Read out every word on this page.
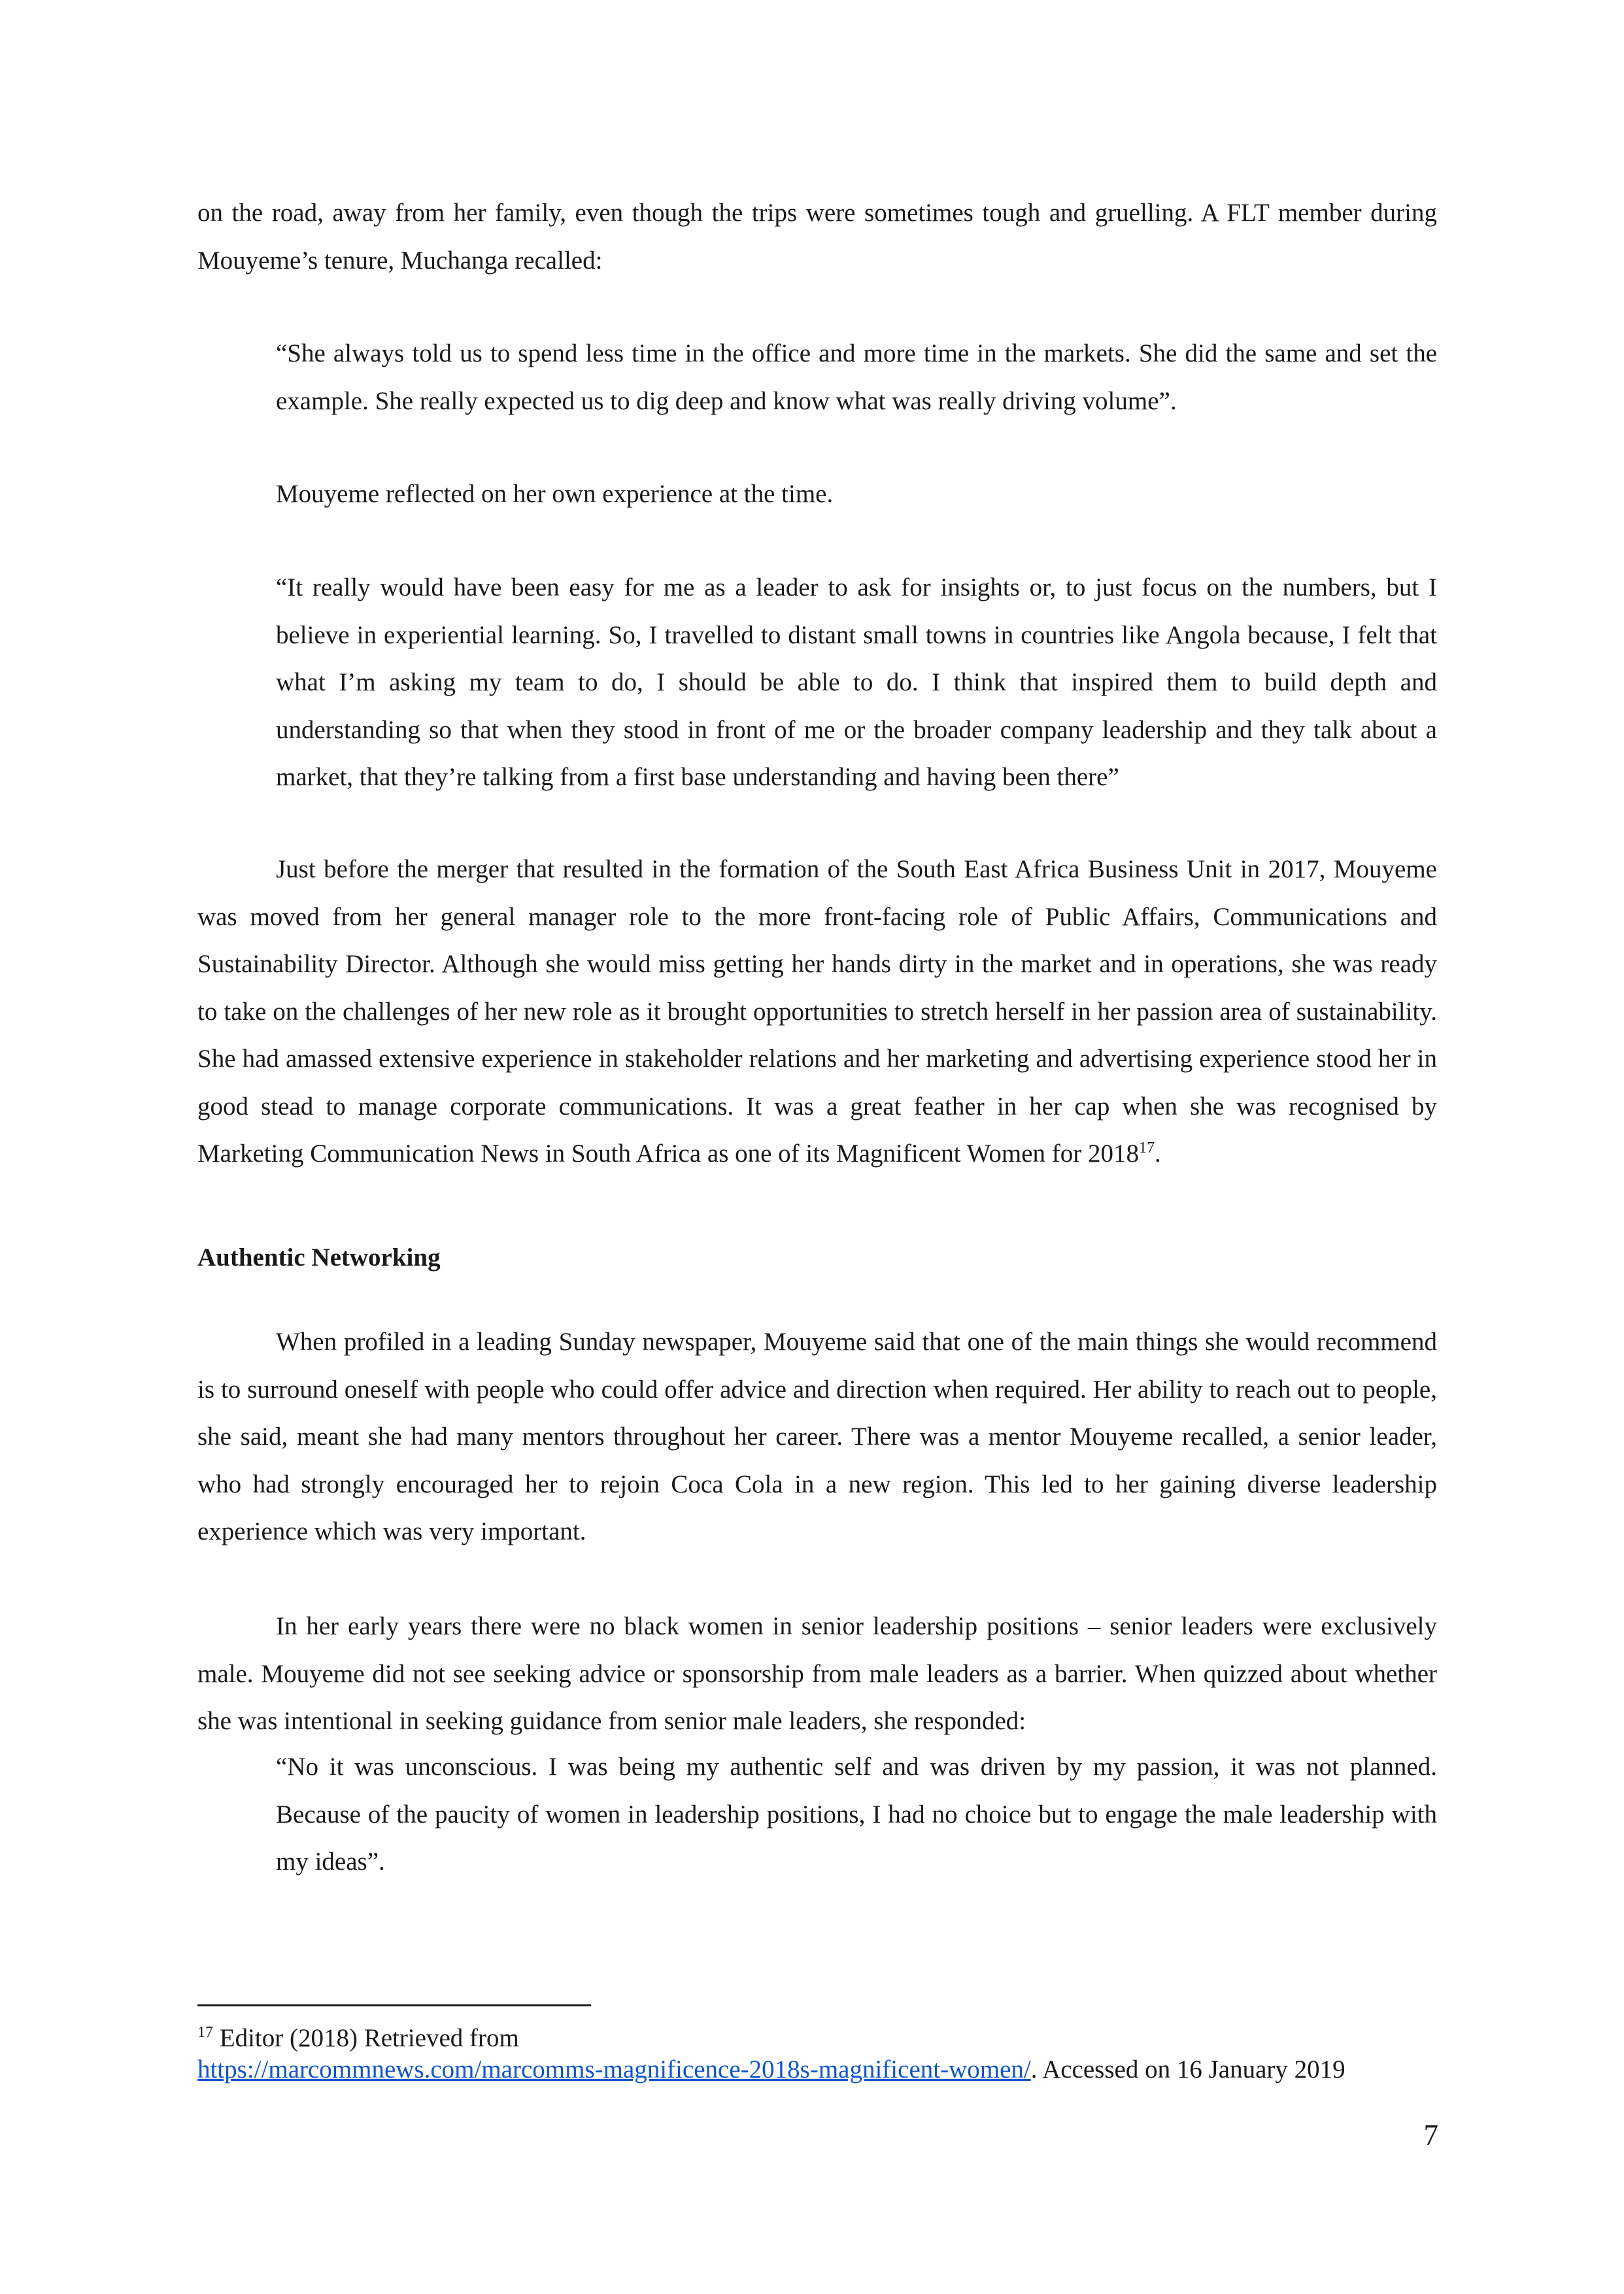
on the road, away from her family, even though the trips were sometimes tough and gruelling. A FLT member during Mouyeme’s tenure, Muchanga recalled:

“She always told us to spend less time in the office and more time in the markets. She did the same and set the example. She really expected us to dig deep and know what was really driving volume”.

Mouyeme reflected on her own experience at the time.

“It really would have been easy for me as a leader to ask for insights or, to just focus on the numbers, but I believe in experiential learning. So, I travelled to distant small towns in countries like Angola because, I felt that what I’m asking my team to do, I should be able to do. I think that inspired them to build depth and understanding so that when they stood in front of me or the broader company leadership and they talk about a market, that they’re talking from a first base understanding and having been there”

Just before the merger that resulted in the formation of the South East Africa Business Unit in 2017, Mouyeme was moved from her general manager role to the more front-facing role of Public Affairs, Communications and Sustainability Director. Although she would miss getting her hands dirty in the market and in operations, she was ready to take on the challenges of her new role as it brought opportunities to stretch herself in her passion area of sustainability. She had amassed extensive experience in stakeholder relations and her marketing and advertising experience stood her in good stead to manage corporate communications. It was a great feather in her cap when she was recognised by Marketing Communication News in South Africa as one of its Magnificent Women for 2018$^{17}$.

Authentic Networking

When profiled in a leading Sunday newspaper, Mouyeme said that one of the main things she would recommend is to surround oneself with people who could offer advice and direction when required. Her ability to reach out to people, she said, meant she had many mentors throughout her career. There was a mentor Mouyeme recalled, a senior leader, who had strongly encouraged her to rejoin Coca Cola in a new region. This led to her gaining diverse leadership experience which was very important.

In her early years there were no black women in senior leadership positions – senior leaders were exclusively male. Mouyeme did not see seeking advice or sponsorship from male leaders as a barrier. When quizzed about whether she was intentional in seeking guidance from senior male leaders, she responded:

“No it was unconscious. I was being my authentic self and was driven by my passion, it was not planned. Because of the paucity of women in leadership positions, I had no choice but to engage the male leadership with my ideas”.

$^{17}$ Editor (2018) Retrieved from
https://marcommnews.com/marcomms-magnificence-2018s-magnificent-women/. Accessed on 16 January 2019

7
